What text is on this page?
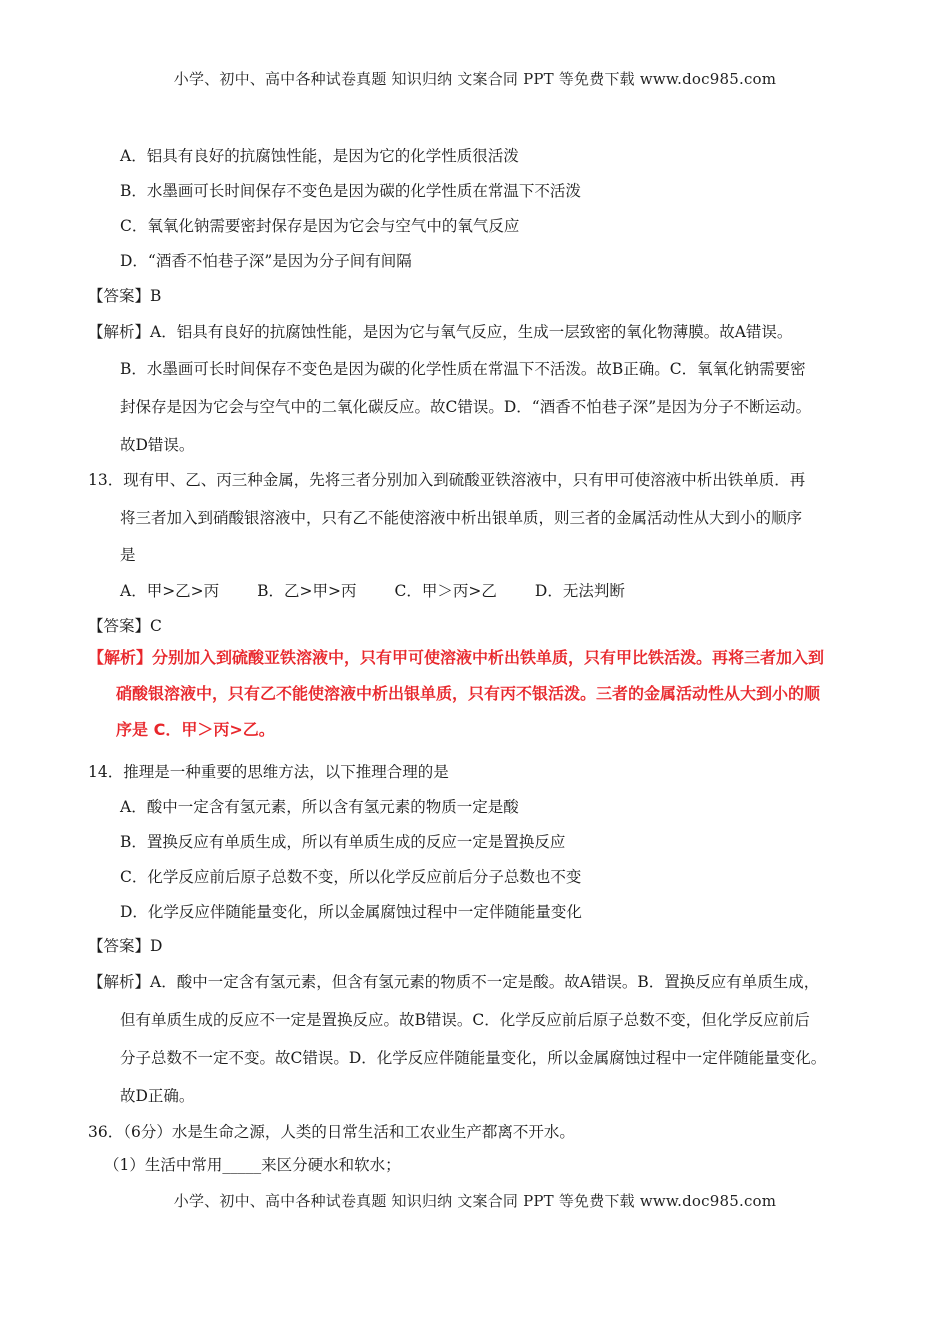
小学、初中、高中各种试卷真题 知识归纳 文案合同 PPT 等免费下载 www.doc985.com
A．铝具有良好的抗腐蚀性能，是因为它的化学性质很活泼
B．水墨画可长时间保存不变色是因为碳的化学性质在常温下不活泼
C．氧氧化钠需要密封保存是因为它会与空气中的氧气反应
D．“酒香不怕巷子深”是因为分子间有间隔
【答案】B
【解析】A．铝具有良好的抗腐蚀性能，是因为它与氧气反应，生成一层致密的氧化物薄膜。故A错误。
B．水墨画可长时间保存不变色是因为碳的化学性质在常温下不活泼。故B正确。C．氧氧化钠需要密
封保存是因为它会与空气中的二氧化碳反应。故C错误。D．“酒香不怕巷子深”是因为分子不断运动。
故D错误。
13．现有甲、乙、丙三种金属，先将三者分别加入到硫酸亚铁溶液中，只有甲可使溶液中析出铁单质．再
将三者加入到硝酸银溶液中，只有乙不能使溶液中析出银单质，则三者的金属活动性从大到小的顺序
是
A．甲>乙>丙 B．乙>甲>丙 C．甲＞丙>乙 D．无法判断
【答案】C
【解析】分别加入到硫酸亚铁溶液中，只有甲可使溶液中析出铁单质，只有甲比铁活泼。再将三者加入到
硝酸银溶液中，只有乙不能使溶液中析出银单质，只有丙不银活泼。三者的金属活动性从大到小的顺
序是 C．甲＞丙>乙。
14．推理是一种重要的思维方法，以下推理合理的是
A．酸中一定含有氢元素，所以含有氢元素的物质一定是酸
B．置换反应有单质生成，所以有单质生成的反应一定是置换反应
C．化学反应前后原子总数不变，所以化学反应前后分子总数也不变
D．化学反应伴随能量变化，所以金属腐蚀过程中一定伴随能量变化
【答案】D
【解析】A．酸中一定含有氢元素，但含有氢元素的物质不一定是酸。故A错误。B．置换反应有单质生成，
但有单质生成的反应不一定是置换反应。故B错误。C．化学反应前后原子总数不变，但化学反应前后
分子总数不一定不变。故C错误。D．化学反应伴随能量变化，所以金属腐蚀过程中一定伴随能量变化。
故D正确。
36．（6分）水是生命之源，人类的日常生活和工农业生产都离不开水。
（1）生活中常用_____来区分硬水和软水；
小学、初中、高中各种试卷真题 知识归纳 文案合同 PPT 等免费下载 www.doc985.com
